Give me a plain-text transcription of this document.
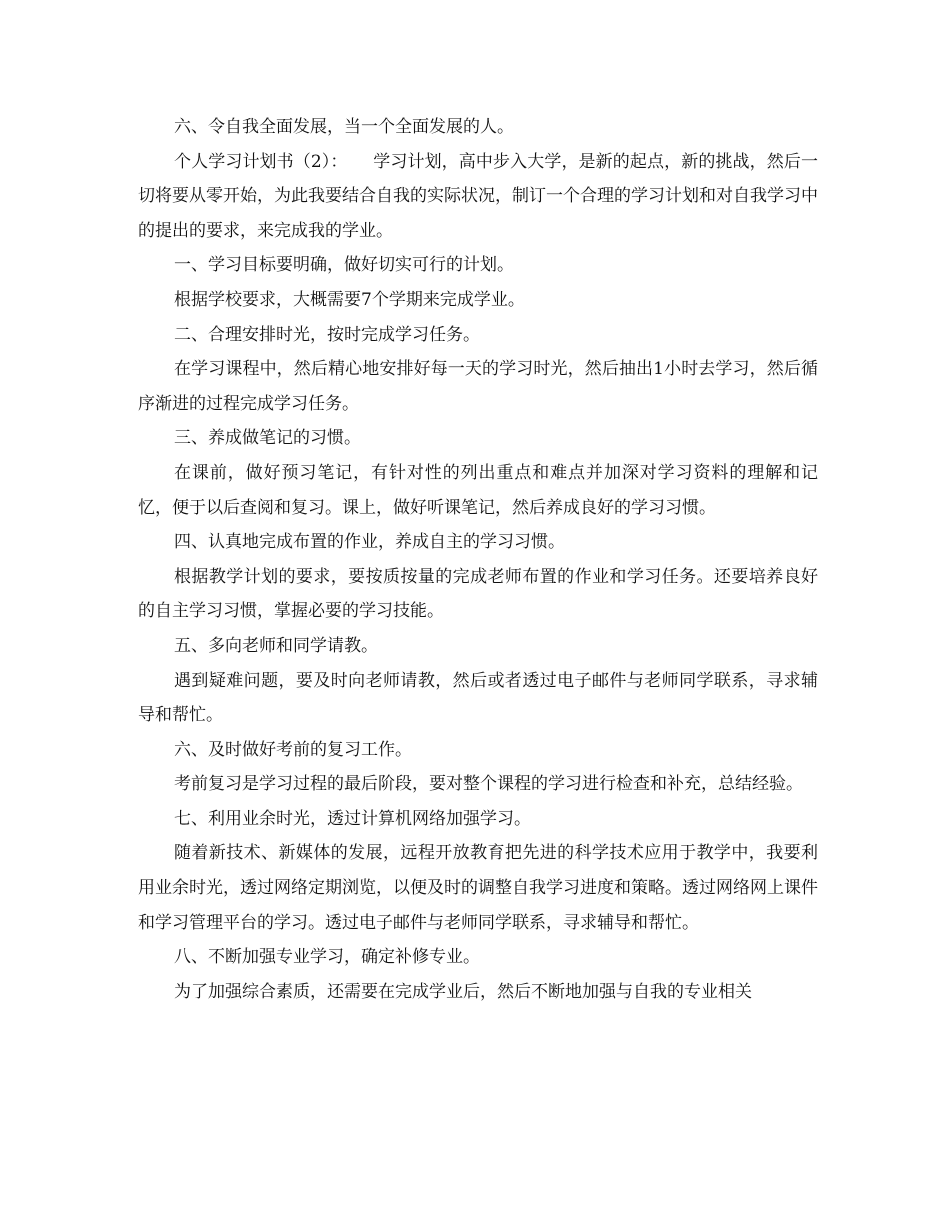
六、令自我全面发展，当一个全面发展的人。

个人学习计划书（2）：　　学习计划，高中步入大学，是新的起点，新的挑战，然后一切将要从零开始，为此我要结合自我的实际状况，制订一个合理的学习计划和对自我学习中的提出的要求，来完成我的学业。

一、学习目标要明确，做好切实可行的计划。

根据学校要求，大概需要7个学期来完成学业。

二、合理安排时光，按时完成学习任务。

在学习课程中，然后精心地安排好每一天的学习时光，然后抽出1小时去学习，然后循序渐进的过程完成学习任务。

三、养成做笔记的习惯。

在课前，做好预习笔记，有针对性的列出重点和难点并加深对学习资料的理解和记忆，便于以后查阅和复习。课上，做好听课笔记，然后养成良好的学习习惯。

四、认真地完成布置的作业，养成自主的学习习惯。

根据教学计划的要求，要按质按量的完成老师布置的作业和学习任务。还要培养良好的自主学习习惯，掌握必要的学习技能。

五、多向老师和同学请教。

遇到疑难问题，要及时向老师请教，然后或者透过电子邮件与老师同学联系，寻求辅导和帮忙。

六、及时做好考前的复习工作。

考前复习是学习过程的最后阶段，要对整个课程的学习进行检查和补充，总结经验。

七、利用业余时光，透过计算机网络加强学习。

随着新技术、新媒体的发展，远程开放教育把先进的科学技术应用于教学中，我要利用业余时光，透过网络定期浏览，以便及时的调整自我学习进度和策略。透过网络网上课件和学习管理平台的学习。透过电子邮件与老师同学联系，寻求辅导和帮忙。

八、不断加强专业学习，确定补修专业。

为了加强综合素质，还需要在完成学业后，然后不断地加强与自我的专业相关
